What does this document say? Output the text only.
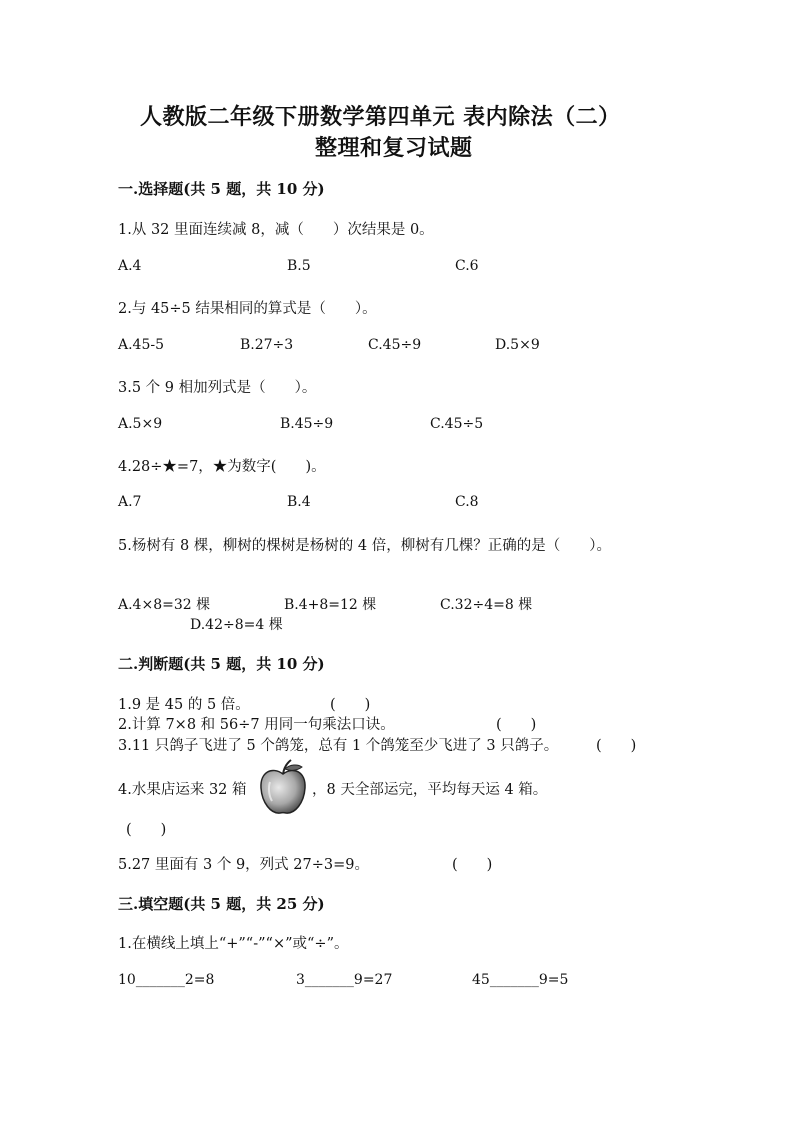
人教版二年级下册数学第四单元 表内除法（二）
整理和复习试题
一.选择题(共 5 题，共 10 分)
1.从 32 里面连续减 8，减（　　）次结果是 0。
A.4	B.5	C.6
2.与 45÷5 结果相同的算式是（　　）。
A.45-5	B.27÷3	C.45÷9	D.5×9
3.5 个 9 相加列式是（　　）。
A.5×9	B.45÷9	C.45÷5
4.28÷★=7，★为数字(　　)。
A.7	B.4	C.8
5.杨树有 8 棵，柳树的棵树是杨树的 4 倍，柳树有几棵？正确的是（　　）。
A.4×8=32 棵	B.4+8=12 棵	C.32÷4=8 棵
D.42÷8=4 棵
二.判断题(共 5 题，共 10 分)
1.9 是 45 的 5 倍。	(　　)
2.计算 7×8 和 56÷7 用同一句乘法口诀。	(　　)
3.11 只鸽子飞进了 5 个鸽笼，总有 1 个鸽笼至少飞进了 3 只鸽子。	(　　)
4.水果店运来 32 箱	，8 天全部运完，平均每天运 4 箱。
(　　)
5.27 里面有 3 个 9，列式 27÷3=9。	(　　)
三.填空题(共 5 题，共 25 分)
1.在横线上填上“+”“-”“×”或“÷”。
10_______2=8	3_______9=27	45_______9=5
